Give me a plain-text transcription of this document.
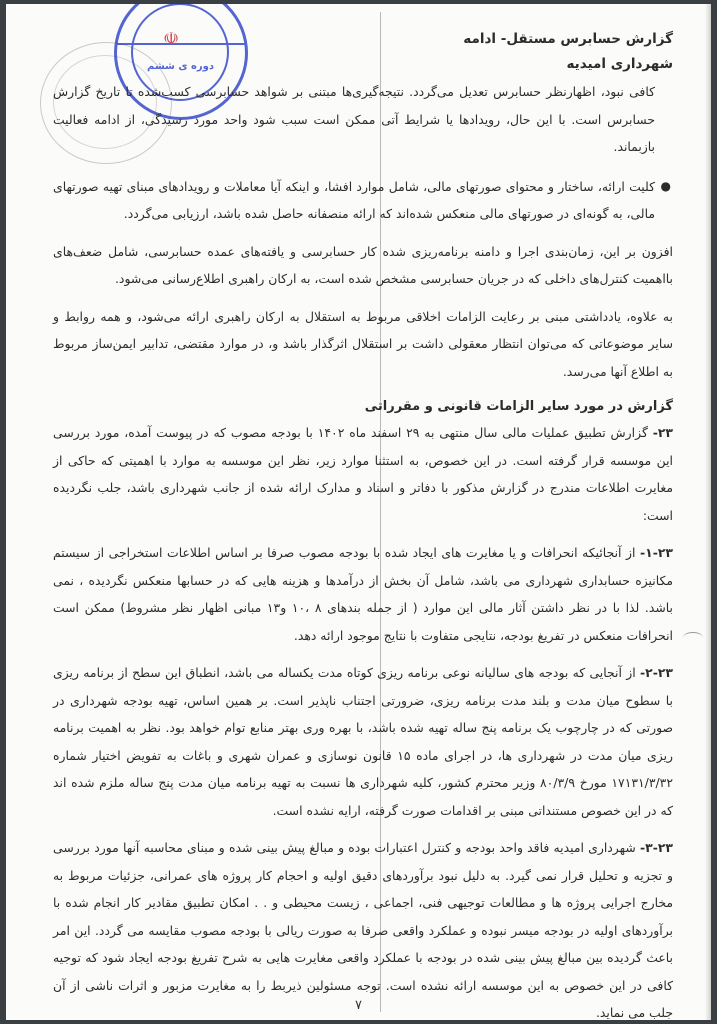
☫
دوره ی ششم

گزارش حسابرس مستقل- ادامه

شهرداری امیدیه

کافی نبود، اظهارنظر حسابرس تعدیل می‌گردد. نتیجه‌گیری‌ها مبتنی بر شواهد حسابرسی کسب‌شده تا تاریخ گزارش حسابرس است. با این حال، رویدادها یا شرایط آتی ممکن است سبب شود واحد مورد رسیدگی، از ادامه فعالیت بازبماند.

●

کلیت ارائه، ساختار و محتوای صورتهای مالی، شامل موارد افشا، و اینکه آیا معاملات و رویدادهای مبنای تهیه صورتهای مالی، به گونه‌ای در صورتهای مالی منعکس شده‌اند که ارائه منصفانه حاصل شده باشد، ارزیابی می‌گردد.

افزون بر این، زمان‌بندی اجرا و دامنه برنامه‌ریزی شده کار حسابرسی و یافته‌های عمده حسابرسی، شامل ضعف‌های بااهمیت کنترل‌های داخلی که در جریان حسابرسی مشخص شده است، به ارکان راهبری اطلاع‌رسانی می‌شود.

به علاوه، یادداشتی مبنی بر رعایت الزامات اخلاقی مربوط به استقلال به ارکان راهبری ارائه می‌شود، و همه روابط و سایر موضوعاتی که می‌توان انتظار معقولی داشت بر استقلال اثرگذار باشد و، در موارد مقتضی، تدابیر ایمن‌ساز مربوط به اطلاع آنها می‌رسد.

گزارش در مورد سایر الزامات قانونی و مقرراتی

۲۳- گزارش تطبیق عملیات مالی سال منتهی به ۲۹ اسفند ماه ۱۴۰۲ با بودجه مصوب که در پیوست آمده، مورد بررسی این موسسه قرار گرفته است. در این خصوص، به استثنا موارد زیر، نظر این موسسه به موارد با اهمیتی که حاکی از مغایرت اطلاعات مندرج در گزارش مذکور با دفاتر و اسناد و مدارک ارائه شده از جانب شهرداری باشد، جلب نگردیده است:
۱-۲۳- از آنجائیکه انحرافات و یا مغایرت های ایجاد شده با بودجه مصوب صرفا بر اساس اطلاعات استخراجی از سیستم مکانیزه حسابداری شهرداری می باشد، شامل آن بخش از درآمدها و هزینه هایی که در حسابها منعکس نگردیده ، نمی باشد. لذا با در نظر داشتن آثار مالی این موارد ( از جمله بندهای ۸ ،۱۰ و۱۳ مبانی اظهار نظر مشروط) ممکن است انحرافات منعکس در تفریغ بودجه، نتایجی متفاوت با نتایج موجود ارائه دهد.
۲-۲۳- از آنجایی که بودجه های سالیانه نوعی برنامه ریزی کوتاه مدت یکساله می باشد، انطباق این سطح از برنامه ریزی با سطوح میان مدت و بلند مدت برنامه ریزی، ضرورتی اجتناب ناپذیر است. بر همین اساس، تهیه بودجه شهرداری در صورتی که در چارچوب یک برنامه پنج ساله تهیه شده باشد، با بهره وری بهتر منابع توام خواهد بود. نظر به اهمیت برنامه ریزی میان مدت در شهرداری ها، در اجرای ماده ۱۵ قانون نوسازی و عمران شهری و باغات به تفویض اختیار شماره ۱۷۱۳۱/۳/۳۲ مورخ ۸۰/۳/۹ وزیر محترم کشور، کلیه شهرداری ها نسبت به تهیه برنامه میان مدت پنج ساله ملزم شده اند که در این خصوص مستنداتی مبنی بر اقدامات صورت گرفته، ارایه نشده است.
۳-۲۳- شهرداری امیدیه فاقد واحد بودجه و کنترل اعتبارات بوده و مبالغ پیش بینی شده و مبنای محاسبه آنها مورد بررسی و تجزیه و تحلیل قرار نمی گیرد. به دلیل نبود برآوردهای دقیق اولیه و احجام کار پروژه های عمرانی، جزئیات مربوط به مخارج اجرایی پروژه ها و مطالعات توجیهی فنی، اجماعی ، زیست محیطی و . . امکان تطبیق مقادیر کار انجام شده با برآوردهای اولیه در بودجه میسر نبوده و عملکرد واقعی صرفا به صورت ریالی با بودجه مصوب مقایسه می گردد. این امر باعث گردیده بین مبالغ پیش بینی شده در بودجه با عملکرد واقعی مغایرت هایی به شرح تفریغ بودجه ایجاد شود که توجیه کافی در این خصوص به این موسسه ارائه نشده است. توجه مسئولین ذیربط را به مغایرت مزبور و اثرات ناشی از آن جلب می نماید.
۷
